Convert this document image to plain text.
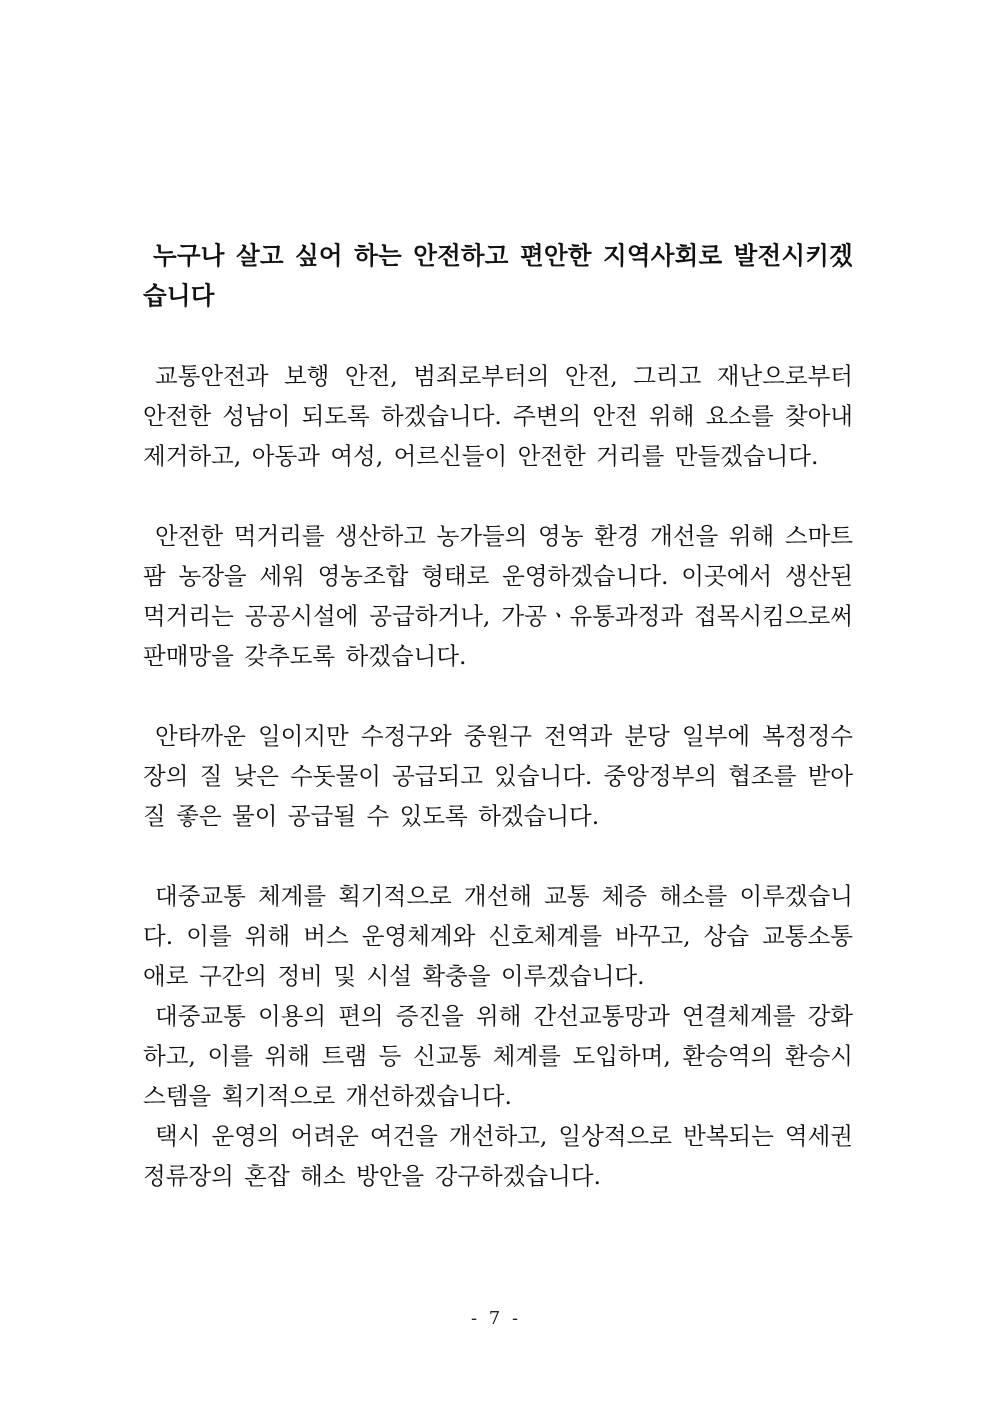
누구나 살고 싶어 하는 안전하고 편안한 지역사회로 발전시키겠습니다

교통안전과 보행 안전, 범죄로부터의 안전, 그리고 재난으로부터 안전한 성남이 되도록 하겠습니다. 주변의 안전 위해 요소를 찾아내 제거하고, 아동과 여성, 어르신들이 안전한 거리를 만들겠습니다.

안전한 먹거리를 생산하고 농가들의 영농 환경 개선을 위해 스마트팜 농장을 세워 영농조합 형태로 운영하겠습니다. 이곳에서 생산된 먹거리는 공공시설에 공급하거나, 가공ㆍ유통과정과 접목시킴으로써 판매망을 갖추도록 하겠습니다.

안타까운 일이지만 수정구와 중원구 전역과 분당 일부에 복정정수장의 질 낮은 수돗물이 공급되고 있습니다. 중앙정부의 협조를 받아 질 좋은 물이 공급될 수 있도록 하겠습니다.

대중교통 체계를 획기적으로 개선해 교통 체증 해소를 이루겠습니다. 이를 위해 버스 운영체계와 신호체계를 바꾸고, 상습 교통소통 애로 구간의 정비 및 시설 확충을 이루겠습니다.

대중교통 이용의 편의 증진을 위해 간선교통망과 연결체계를 강화하고, 이를 위해 트램 등 신교통 체계를 도입하며, 환승역의 환승시스템을 획기적으로 개선하겠습니다.

택시 운영의 어려운 여건을 개선하고, 일상적으로 반복되는 역세권 정류장의 혼잡 해소 방안을 강구하겠습니다.

- 7 -
